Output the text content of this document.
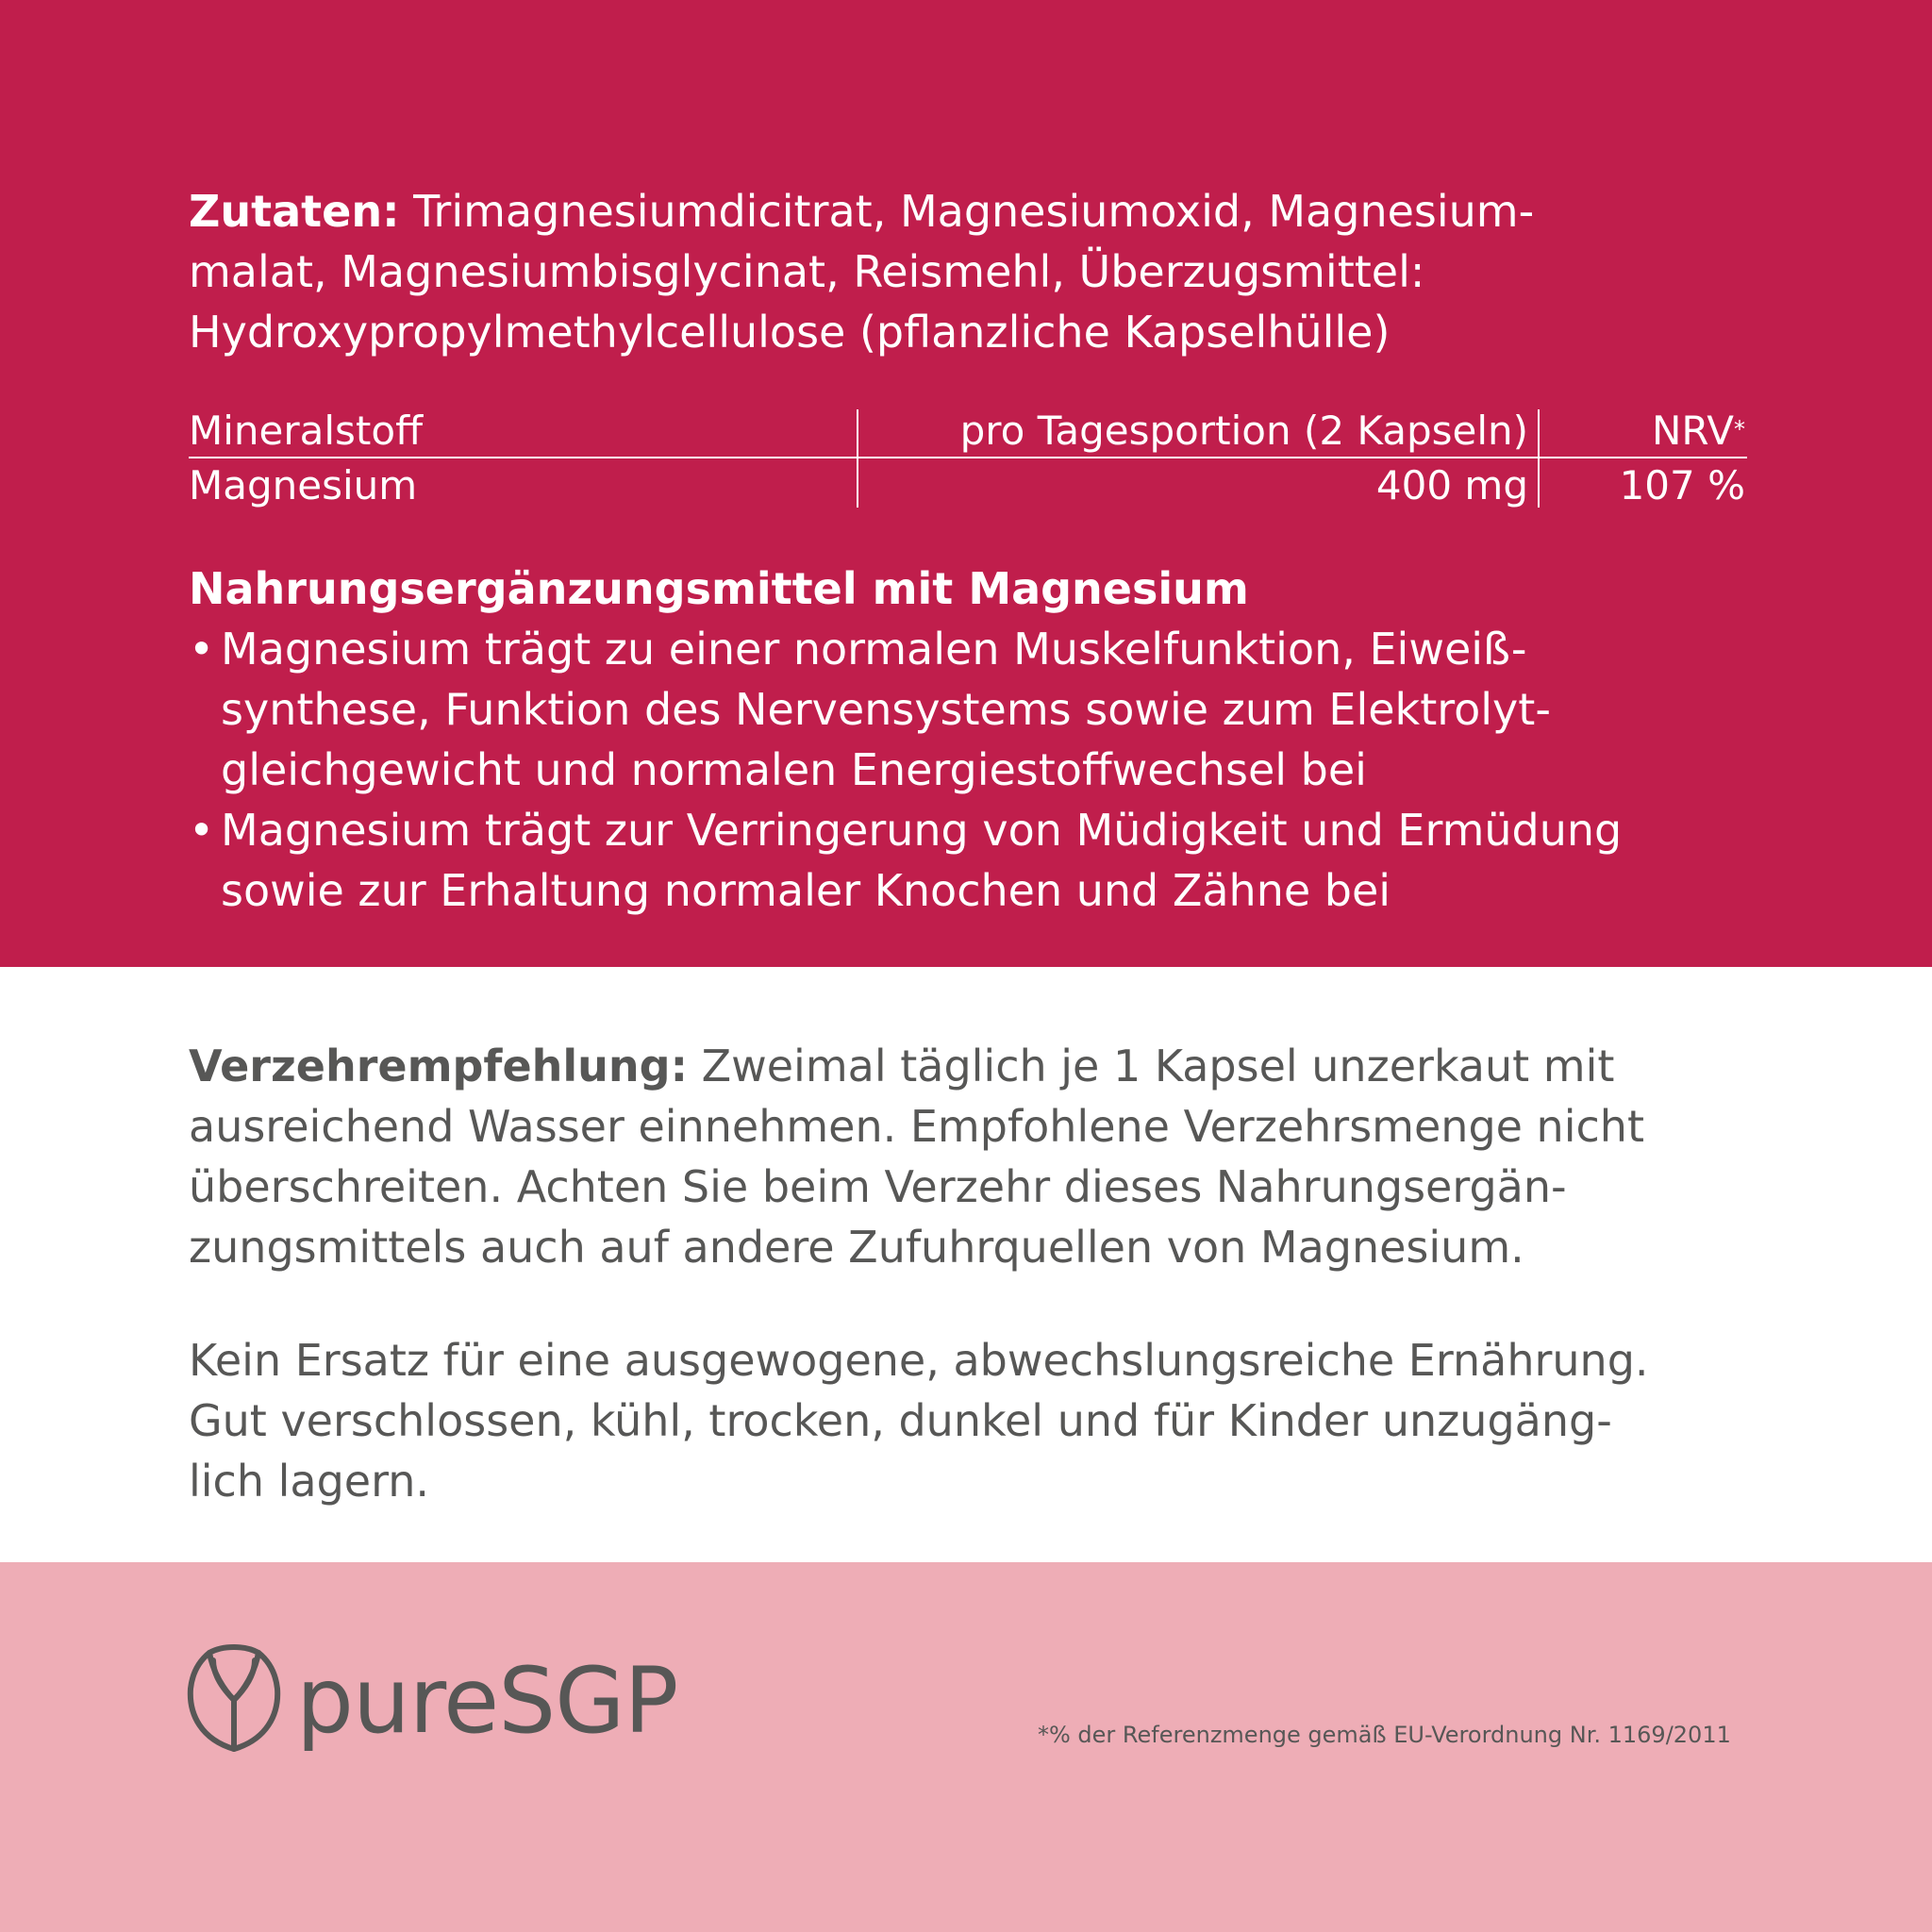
Zutaten: Trimagnesiumdicitrat, Magnesiumoxid, Magnesium-
malat, Magnesiumbisglycinat, Reismehl, Überzugsmittel:
Hydroxypropylmethylcellulose (pflanzliche Kapselhülle)
Mineralstoff	pro Tagesportion (2 Kapseln)	NRV*
Magnesium	400 mg 107 %
Nahrungsergänzungsmittel mit Magnesium
• Magnesium trägt zu einer normalen Muskelfunktion, Eiweiß-
synthese, Funktion des Nervensystems sowie zum Elektrolyt-
gleichgewicht und normalen Energiestoffwechsel bei
• Magnesium trägt zur Verringerung von Müdigkeit und Ermüdung
sowie zur Erhaltung normaler Knochen und Zähne bei
Verzehrempfehlung: Zweimal täglich je 1 Kapsel unzerkaut mit
ausreichend Wasser einnehmen. Empfohlene Verzehrsmenge nicht
überschreiten. Achten Sie beim Verzehr dieses Nahrungsergän-
zungsmittels auch auf andere Zufuhrquellen von Magnesium.
Kein Ersatz für eine ausgewogene, abwechslungsreiche Ernährung.
Gut verschlossen, kühl, trocken, dunkel und für Kinder unzugäng-
lich lagern.
pureSGP	*% der Referenzmenge gemäß EU-Verordnung Nr. 1169/2011
